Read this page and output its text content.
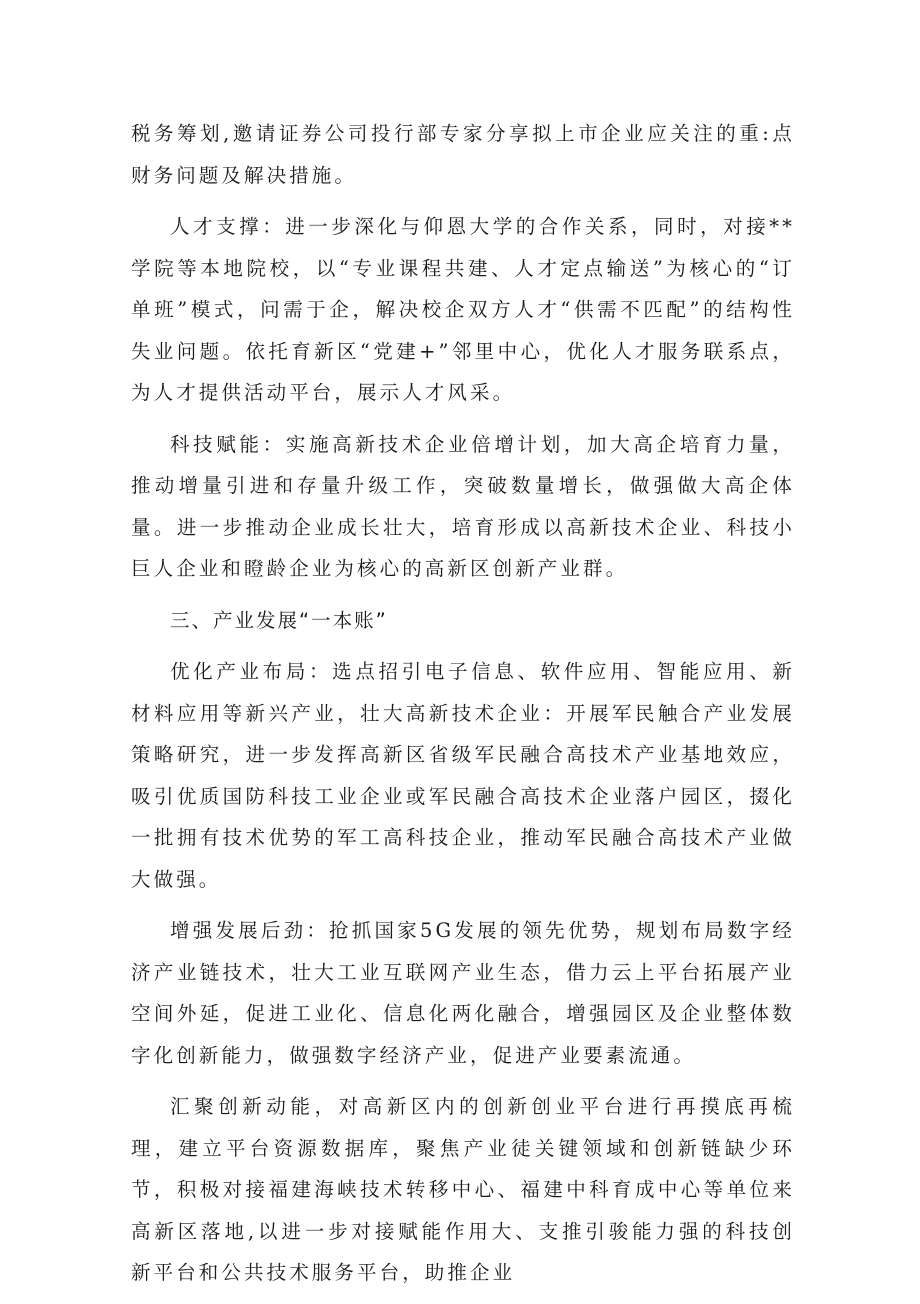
税务筹划,邀请证券公司投行部专家分享拟上市企业应关注的重:点财务问题及解决措施。

人才支撑：进一步深化与仰恩大学的合作关系，同时，对接**学院等本地院校，以“专业课程共建、人才定点输送”为核心的“订单班”模式，问需于企，解决校企双方人才“供需不匹配”的结构性失业问题。依托育新区“党建+”邻里中心，优化人才服务联系点，为人才提供活动平台，展示人才风采。

科技赋能：实施高新技术企业倍增计划，加大高企培育力量，推动增量引进和存量升级工作，突破数量增长，做强做大高企体量。进一步推动企业成长壮大，培育形成以高新技术企业、科技小巨人企业和瞪龄企业为核心的高新区创新产业群。

三、产业发展“一本账”

优化产业布局：选点招引电子信息、软件应用、智能应用、新材料应用等新兴产业，壮大高新技术企业：开展军民触合产业发展策略研究，进一步发挥高新区省级军民融合高技术产业基地效应，吸引优质国防科技工业企业或军民融合高技术企业落户园区，掇化一批拥有技术优势的军工高科技企业，推动军民融合高技术产业做大做强。

增强发展后劲：抢抓国家5G发展的领先优势，规划布局数字经济产业链技术，壮大工业互联网产业生态，借力云上平台拓展产业空间外延，促进工业化、信息化两化融合，增强园区及企业整体数字化创新能力，做强数字经济产业，促进产业要素流通。

汇聚创新动能，对高新区内的创新创业平台进行再摸底再梳理，建立平台资源数据库，聚焦产业徒关键领域和创新链缺少环节，积极对接福建海峡技术转移中心、福建中科育成中心等单位来高新区落地,以进一步对接赋能作用大、支推引骏能力强的科技创新平台和公共技术服务平台，助推企业
